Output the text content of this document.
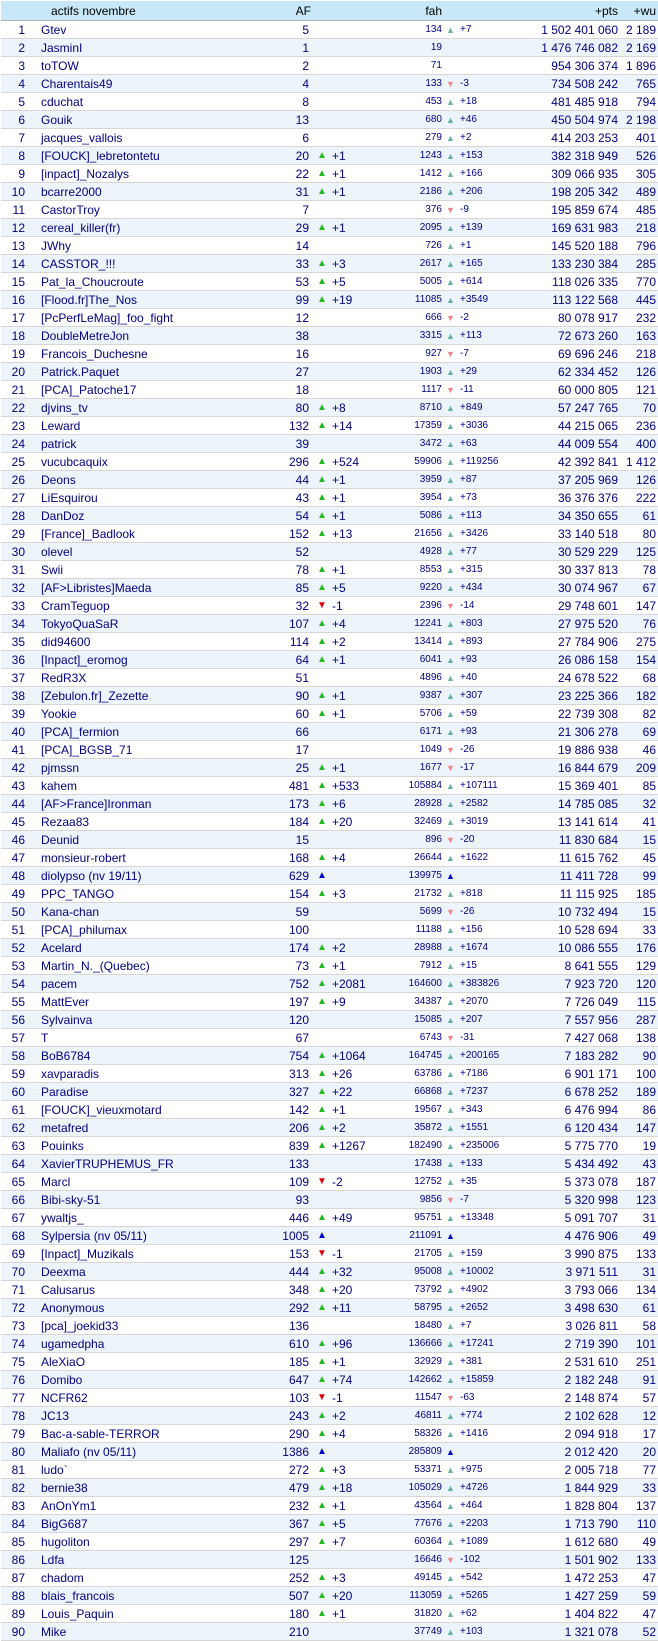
	actifs novembre	AF			fah			+pts	+wu
1	Gtev	5			134	▲	+7	1 502 401 060	2 189
2	JasminI	1			19			1 476 746 082	2 169
3	toTOW	2			71			954 306 374	1 896
4	Charentais49	4			133	▼	-3	734 508 242	765
5	cduchat	8			453	▲	+18	481 485 918	794
6	Gouik	13			680	▲	+46	450 504 974	2 198
7	jacques_vallois	6			279	▲	+2	414 203 253	401
8	[FOUCK]_lebretontetu	20	▲	+1	1243	▲	+153	382 318 949	526
9	[inpact]_Nozalys	22	▲	+1	1412	▲	+166	309 066 935	305
10	bcarre2000	31	▲	+1	2186	▲	+206	198 205 342	489
11	CastorTroy	7			376	▼	-9	195 859 674	485
12	cereal_killer(fr)	29	▲	+1	2095	▲	+139	169 631 983	218
13	JWhy	14			726	▲	+1	145 520 188	796
14	CASSTOR_!!!	33	▲	+3	2617	▲	+165	133 230 384	285
15	Pat_la_Choucroute	53	▲	+5	5005	▲	+614	118 026 335	770
16	[Flood.fr]The_Nos	99	▲	+19	11085	▲	+3549	113 122 568	445
17	[PcPerfLeMag]_foo_fight	12			666	▼	-2	80 078 917	232
18	DoubleMetreJon	38			3315	▲	+113	72 673 260	163
19	Francois_Duchesne	16			927	▼	-7	69 696 246	218
20	Patrick.Paquet	27			1903	▲	+29	62 334 452	126
21	[PCA]_Patoche17	18			1117	▼	-11	60 000 805	121
22	djvins_tv	80	▲	+8	8710	▲	+849	57 247 765	70
23	Leward	132	▲	+14	17359	▲	+3036	44 215 065	236
24	patrick	39			3472	▲	+63	44 009 554	400
25	vucubcaquix	296	▲	+524	59906	▲	+119256	42 392 841	1 412
26	Deons	44	▲	+1	3959	▲	+87	37 205 969	126
27	LiEsquirou	43	▲	+1	3954	▲	+73	36 376 376	222
28	DanDoz	54	▲	+1	5086	▲	+113	34 350 655	61
29	[France]_Badlook	152	▲	+13	21656	▲	+3426	33 140 518	80
30	olevel	52			4928	▲	+77	30 529 229	125
31	Swii	78	▲	+1	8553	▲	+315	30 337 813	78
32	[AF>Libristes]Maeda	85	▲	+5	9220	▲	+434	30 074 967	67
33	CramTeguop	32	▼	-1	2396	▼	-14	29 748 601	147
34	TokyoQuaSaR	107	▲	+4	12241	▲	+803	27 975 520	76
35	did94600	114	▲	+2	13414	▲	+893	27 784 906	275
36	[Inpact]_eromog	64	▲	+1	6041	▲	+93	26 086 158	154
37	RedR3X	51			4896	▲	+40	24 678 522	68
38	[Zebulon.fr]_Zezette	90	▲	+1	9387	▲	+307	23 225 366	182
39	Yookie	60	▲	+1	5706	▲	+59	22 739 308	82
40	[PCA]_fermion	66			6171	▲	+93	21 306 278	69
41	[PCA]_BGSB_71	17			1049	▼	-26	19 886 938	46
42	pjmssn	25	▲	+1	1677	▼	-17	16 844 679	209
43	kahem	481	▲	+533	105884	▲	+107111	15 369 401	85
44	[AF>France]Ironman	173	▲	+6	28928	▲	+2582	14 785 085	32
45	Rezaa83	184	▲	+20	32469	▲	+3019	13 141 614	41
46	Deunid	15			896	▼	-20	11 830 684	15
47	monsieur-robert	168	▲	+4	26644	▲	+1622	11 615 762	45
48	diolypso (nv 19/11)	629	▲		139975	▲		11 411 728	99
49	PPC_TANGO	154	▲	+3	21732	▲	+818	11 115 925	185
50	Kana-chan	59			5699	▼	-26	10 732 494	15
51	[PCA]_philumax	100			11188	▲	+156	10 528 694	33
52	Acelard	174	▲	+2	28988	▲	+1674	10 086 555	176
53	Martin_N._(Quebec)	73	▲	+1	7912	▲	+15	8 641 555	129
54	pacem	752	▲	+2081	164600	▲	+383826	7 923 720	120
55	MattEver	197	▲	+9	34387	▲	+2070	7 726 049	115
56	Sylvainva	120			15085	▲	+207	7 557 956	287
57	T	67			6743	▼	-31	7 427 068	138
58	BoB6784	754	▲	+1064	164745	▲	+200165	7 183 282	90
59	xavparadis	313	▲	+26	63786	▲	+7186	6 901 171	100
60	Paradise	327	▲	+22	66868	▲	+7237	6 678 252	189
61	[FOUCK]_vieuxmotard	142	▲	+1	19567	▲	+343	6 476 994	86
62	metafred	206	▲	+2	35872	▲	+1551	6 120 434	147
63	Pouinks	839	▲	+1267	182490	▲	+235006	5 775 770	19
64	XavierTRUPHEMUS_FR	133			17438	▲	+133	5 434 492	43
65	Marcl	109	▼	-2	12752	▲	+35	5 373 078	187
66	Bibi-sky-51	93			9856	▼	-7	5 320 998	123
67	ywaltjs_	446	▲	+49	95751	▲	+13348	5 091 707	31
68	Sylpersia (nv 05/11)	1005	▲		211091	▲		4 476 906	49
69	[Inpact]_Muzikals	153	▼	-1	21705	▲	+159	3 990 875	133
70	Deexma	444	▲	+32	95008	▲	+10002	3 971 511	31
71	Calusarus	348	▲	+20	73792	▲	+4902	3 793 066	134
72	Anonymous	292	▲	+11	58795	▲	+2652	3 498 630	61
73	[pca]_joekid33	136			18480	▲	+7	3 026 811	58
74	ugamedpha	610	▲	+96	136666	▲	+17241	2 719 390	101
75	AleXiaO	185	▲	+1	32929	▲	+381	2 531 610	251
76	Domibo	647	▲	+74	142662	▲	+15859	2 182 248	91
77	NCFR62	103	▼	-1	11547	▼	-63	2 148 874	57
78	JC13	243	▲	+2	46811	▲	+774	2 102 628	12
79	Bac-a-sable-TERROR	290	▲	+4	58326	▲	+1416	2 094 918	17
80	Maliafo (nv 05/11)	1386	▲		285809	▲		2 012 420	20
81	ludo`	272	▲	+3	53371	▲	+975	2 005 718	77
82	bernie38	479	▲	+18	105029	▲	+4726	1 844 929	33
83	AnOnYm1	232	▲	+1	43564	▲	+464	1 828 804	137
84	BigG687	367	▲	+5	77676	▲	+2203	1 713 790	110
85	hugoliton	297	▲	+7	60364	▲	+1089	1 612 680	49
86	Ldfa	125			16646	▼	-102	1 501 902	133
87	chadom	252	▲	+3	49145	▲	+542	1 472 253	47
88	blais_francois	507	▲	+20	113059	▲	+5265	1 427 259	59
89	Louis_Paquin	180	▲	+1	31820	▲	+62	1 404 822	47
90	Mike	210			37749	▲	+103	1 321 078	52
